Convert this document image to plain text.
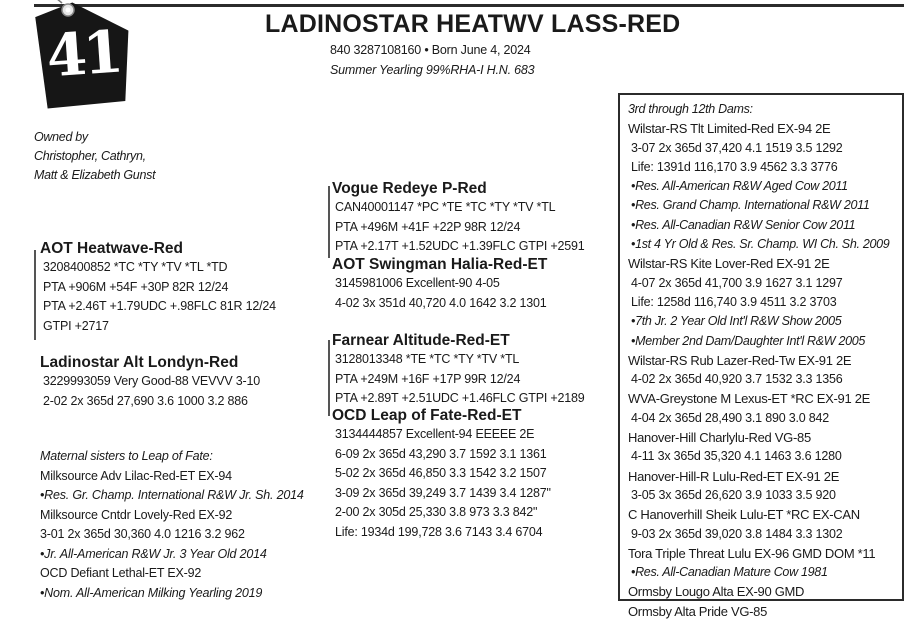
41	LADINOSTAR HEATWV LASS-RED
840 3287108160 • Born June 4, 2024
Summer Yearling 99%RHA-I H.N. 683
Owned by
Christopher, Cathryn,
Matt & Elizabeth Gunst
AOT Heatwave-Red
3208400852 *TC *TY *TV *TL *TD
PTA +906M +54F +30P 82R 12/24
PTA +2.46T +1.79UDC +.98FLC 81R 12/24
GTPI +2717
Ladinostar Alt Londyn-Red
3229993059 Very Good-88 VEVVV 3-10
2-02 2x 365d 27,690 3.6 1000 3.2 886
Maternal sisters to Leap of Fate:
Milksource Adv Lilac-Red-ET EX-94
•Res. Gr. Champ. International R&W Jr. Sh. 2014
Milksource Cntdr Lovely-Red EX-92
3-01 2x 365d 30,360 4.0 1216 3.2 962
•Jr. All-American R&W Jr. 3 Year Old 2014
OCD Defiant Lethal-ET EX-92
•Nom. All-American Milking Yearling 2019
Vogue Redeye P-Red
CAN40001147 *PC *TE *TC *TY *TV *TL
PTA +496M +41F +22P 98R 12/24
PTA +2.17T +1.52UDC +1.39FLC GTPI +2591
AOT Swingman Halia-Red-ET
3145981006 Excellent-90 4-05
4-02 3x 351d 40,720 4.0 1642 3.2 1301
Farnear Altitude-Red-ET
3128013348 *TE *TC *TY *TV *TL
PTA +249M +16F +17P 99R 12/24
PTA +2.89T +2.51UDC +1.46FLC GTPI +2189
OCD Leap of Fate-Red-ET
3134444857 Excellent-94 EEEEE 2E
6-09 2x 365d 43,290 3.7 1592 3.1 1361
5-02 2x 365d 46,850 3.3 1542 3.2 1507
3-09 2x 365d 39,249 3.7 1439 3.4 1287"
2-00 2x 305d 25,330 3.8 973 3.3 842"
Life: 1934d 199,728 3.6 7143 3.4 6704
3rd through 12th Dams:
Wilstar-RS Tlt Limited-Red EX-94 2E
3-07 2x 365d 37,420 4.1 1519 3.5 1292
Life: 1391d 116,170 3.9 4562 3.3 3776
•Res. All-American R&W Aged Cow 2011
•Res. Grand Champ. International R&W 2011
•Res. All-Canadian R&W Senior Cow 2011
•1st 4 Yr Old & Res. Sr. Champ. WI Ch. Sh. 2009
Wilstar-RS Kite Lover-Red EX-91 2E
4-07 2x 365d 41,700 3.9 1627 3.1 1297
Life: 1258d 116,740 3.9 4511 3.2 3703
•7th Jr. 2 Year Old Int'l R&W Show 2005
•Member 2nd Dam/Daughter Int'l R&W 2005
Wilstar-RS Rub Lazer-Red-Tw EX-91 2E
4-02 2x 365d 40,920 3.7 1532 3.3 1356
WVA-Greystone M Lexus-ET *RC EX-91 2E
4-04 2x 365d 28,490 3.1 890 3.0 842
Hanover-Hill Charlylu-Red VG-85
4-11 3x 365d 35,320 4.1 1463 3.6 1280
Hanover-Hill-R Lulu-Red-ET EX-91 2E
3-05 3x 365d 26,620 3.9 1033 3.5 920
C Hanoverhill Sheik Lulu-ET *RC EX-CAN
9-03 2x 365d 39,020 3.8 1484 3.3 1302
Tora Triple Threat Lulu EX-96 GMD DOM *11
•Res. All-Canadian Mature Cow 1981
Ormsby Lougo Alta EX-90 GMD
Ormsby Alta Pride VG-85
